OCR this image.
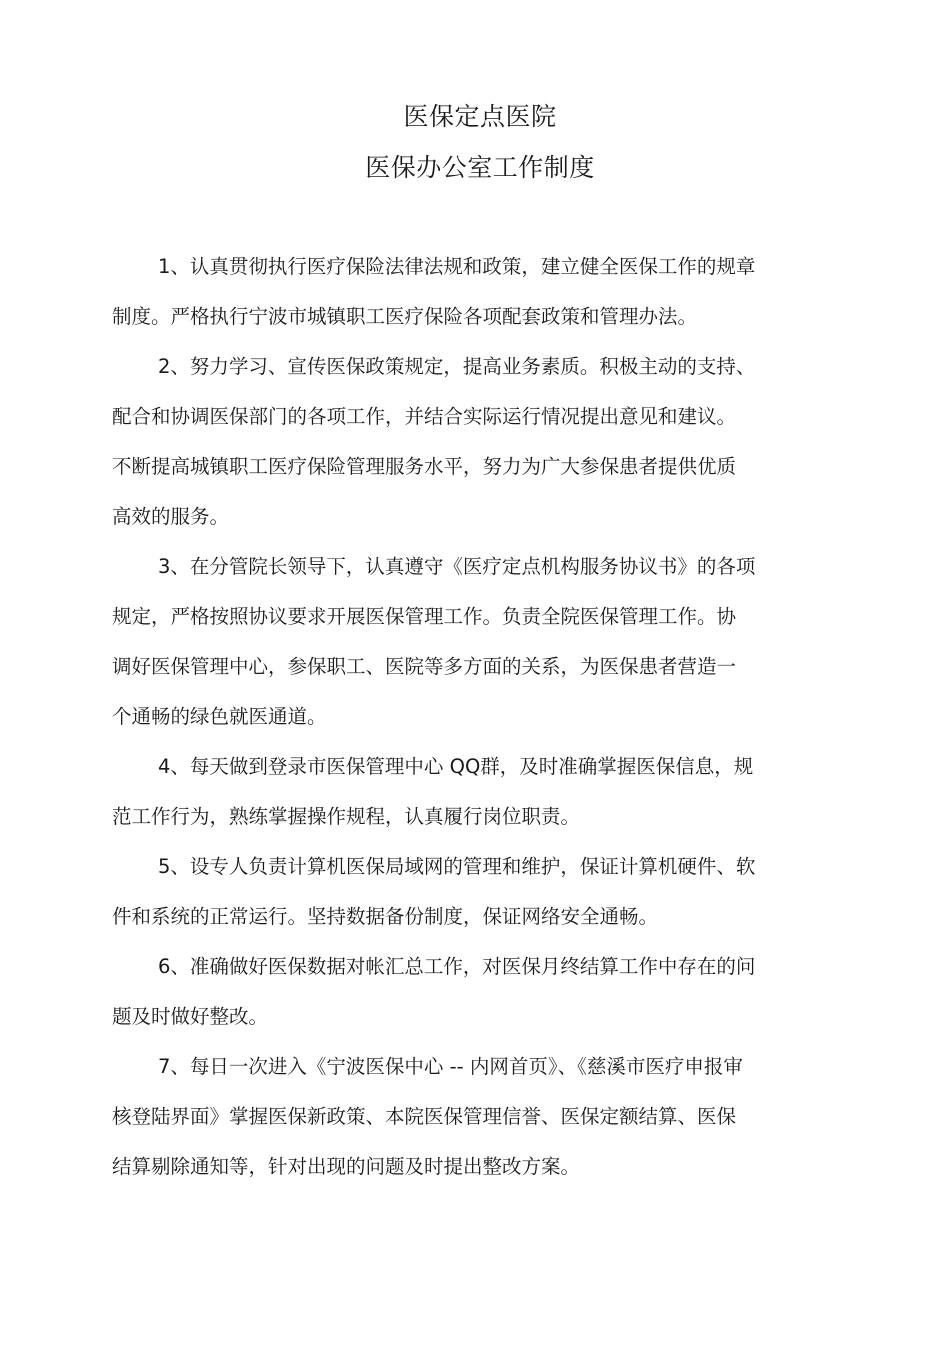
医保定点医院
医保办公室工作制度

1、认真贯彻执行医疗保险法律法规和政策，建立健全医保工作的规章

制度。严格执行宁波市城镇职工医疗保险各项配套政策和管理办法。

2、努力学习、宣传医保政策规定，提高业务素质。积极主动的支持、

配合和协调医保部门的各项工作，并结合实际运行情况提出意见和建议。

不断提高城镇职工医疗保险管理服务水平，努力为广大参保患者提供优质

高效的服务。

3、在分管院长领导下，认真遵守《医疗定点机构服务协议书》的各项

规定，严格按照协议要求开展医保管理工作。负责全院医保管理工作。协

调好医保管理中心，参保职工、医院等多方面的关系，为医保患者营造一

个通畅的绿色就医通道。

4、每天做到登录市医保管理中心 QQ群，及时准确掌握医保信息，规

范工作行为，熟练掌握操作规程，认真履行岗位职责。

5、设专人负责计算机医保局域网的管理和维护，保证计算机硬件、软

件和系统的正常运行。坚持数据备份制度，保证网络安全通畅。

6、准确做好医保数据对帐汇总工作，对医保月终结算工作中存在的问

题及时做好整改。

7、每日一次进入《宁波医保中心 -- 内网首页》、《慈溪市医疗申报审

核登陆界面》掌握医保新政策、本院医保管理信誉、医保定额结算、医保

结算剔除通知等，针对出现的问题及时提出整改方案。
